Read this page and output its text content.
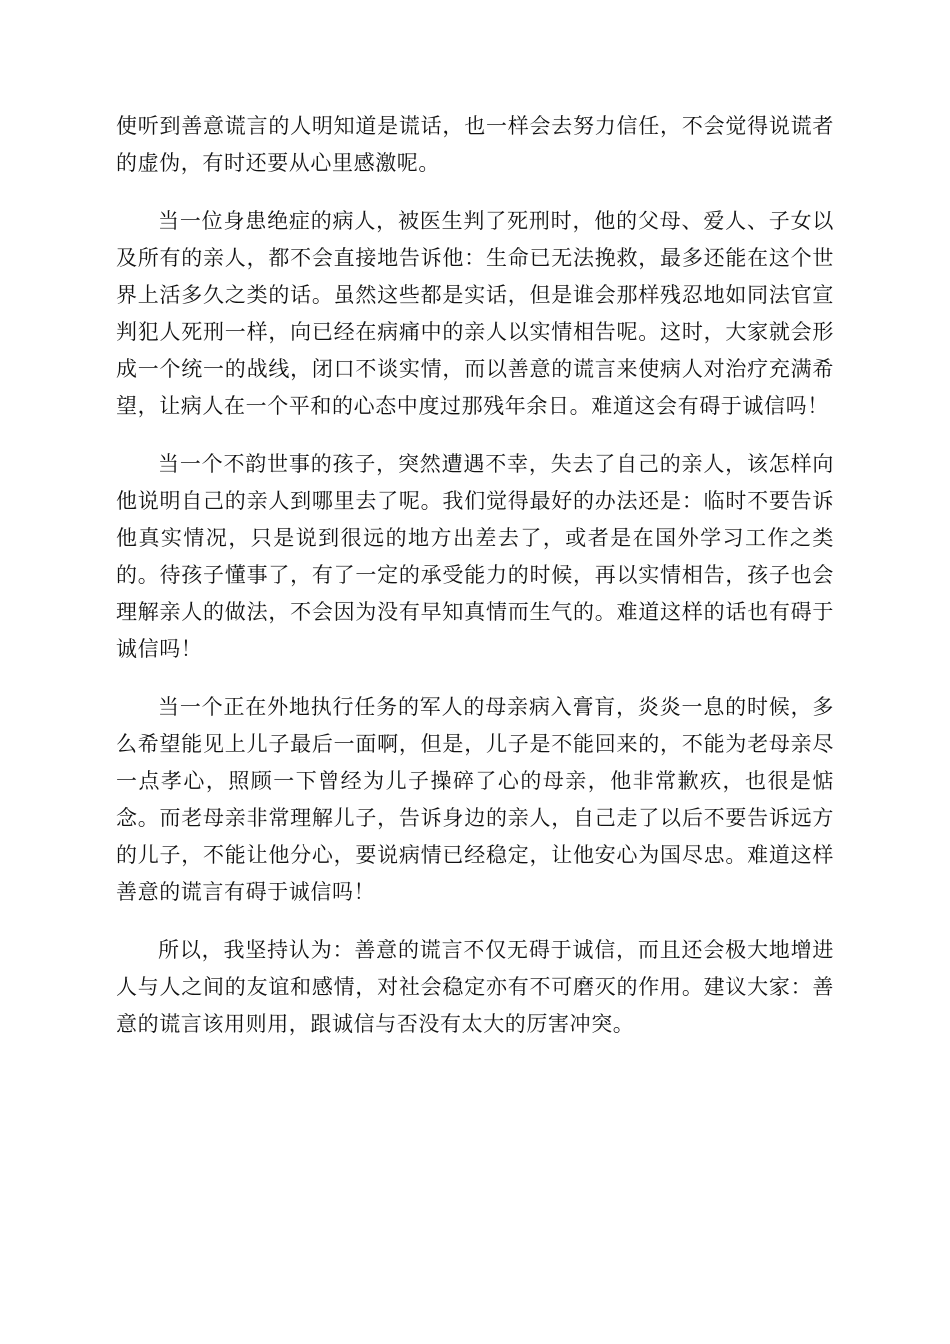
使听到善意谎言的人明知道是谎话，也一样会去努力信任，不会觉得说谎者的虚伪，有时还要从心里感激呢。

当一位身患绝症的病人，被医生判了死刑时，他的父母、爱人、子女以及所有的亲人，都不会直接地告诉他：生命已无法挽救，最多还能在这个世界上活多久之类的话。虽然这些都是实话，但是谁会那样残忍地如同法官宣判犯人死刑一样，向已经在病痛中的亲人以实情相告呢。这时，大家就会形成一个统一的战线，闭口不谈实情，而以善意的谎言来使病人对治疗充满希望，让病人在一个平和的心态中度过那残年余日。难道这会有碍于诚信吗！

当一个不韵世事的孩子，突然遭遇不幸，失去了自己的亲人，该怎样向他说明自己的亲人到哪里去了呢。我们觉得最好的办法还是：临时不要告诉他真实情况，只是说到很远的地方出差去了，或者是在国外学习工作之类的。待孩子懂事了，有了一定的承受能力的时候，再以实情相告，孩子也会理解亲人的做法，不会因为没有早知真情而生气的。难道这样的话也有碍于诚信吗！

当一个正在外地执行任务的军人的母亲病入膏肓，炎炎一息的时候，多么希望能见上儿子最后一面啊，但是，儿子是不能回来的，不能为老母亲尽一点孝心，照顾一下曾经为儿子操碎了心的母亲，他非常歉疚，也很是惦念。而老母亲非常理解儿子，告诉身边的亲人，自己走了以后不要告诉远方的儿子，不能让他分心，要说病情已经稳定，让他安心为国尽忠。难道这样善意的谎言有碍于诚信吗！

所以，我坚持认为：善意的谎言不仅无碍于诚信，而且还会极大地增进人与人之间的友谊和感情，对社会稳定亦有不可磨灭的作用。建议大家：善意的谎言该用则用，跟诚信与否没有太大的厉害冲突。
